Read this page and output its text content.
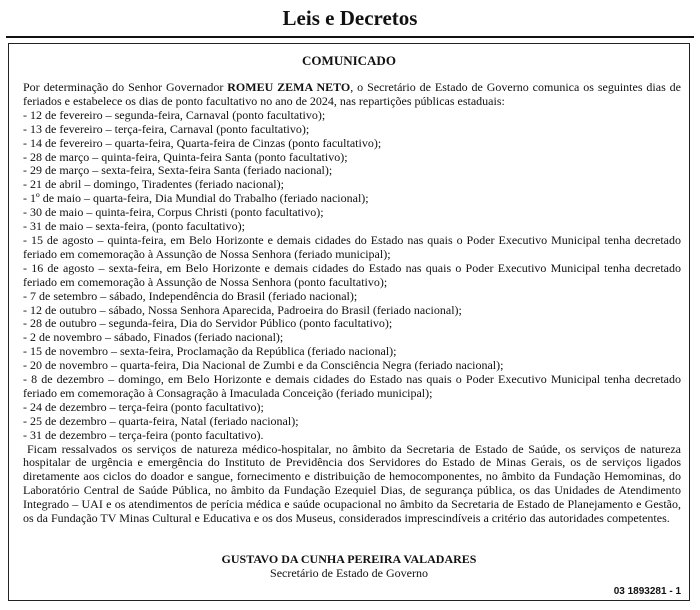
Leis e Decretos
COMUNICADO

Por determinação do Senhor Governador ROMEU ZEMA NETO, o Secretário de Estado de Governo comunica os seguintes dias de feriados e estabelece os dias de ponto facultativo no ano de 2024, nas repartições públicas estaduais:

- 12 de fevereiro – segunda-feira, Carnaval (ponto facultativo);
- 13 de fevereiro – terça-feira, Carnaval (ponto facultativo);
- 14 de fevereiro – quarta-feira, Quarta-feira de Cinzas (ponto facultativo);
- 28 de março – quinta-feira, Quinta-feira Santa (ponto facultativo);
- 29 de março – sexta-feira, Sexta-feira Santa (feriado nacional);
- 21 de abril – domingo, Tiradentes (feriado nacional);
- 1º de maio – quarta-feira, Dia Mundial do Trabalho (feriado nacional);
- 30 de maio – quinta-feira, Corpus Christi (ponto facultativo);
- 31 de maio – sexta-feira, (ponto facultativo);
- 15 de agosto – quinta-feira, em Belo Horizonte e demais cidades do Estado nas quais o Poder Executivo Municipal tenha decretado feriado em comemoração à Assunção de Nossa Senhora (feriado municipal);
- 16 de agosto – sexta-feira, em Belo Horizonte e demais cidades do Estado nas quais o Poder Executivo Municipal tenha decretado feriado em comemoração à Assunção de Nossa Senhora (ponto facultativo);
- 7 de setembro – sábado, Independência do Brasil (feriado nacional);
- 12 de outubro – sábado, Nossa Senhora Aparecida, Padroeira do Brasil (feriado nacional);
- 28 de outubro – segunda-feira, Dia do Servidor Público (ponto facultativo);
- 2 de novembro – sábado, Finados (feriado nacional);
- 15 de novembro – sexta-feira, Proclamação da República (feriado nacional);
- 20 de novembro – quarta-feira, Dia Nacional de Zumbi e da Consciência Negra (feriado nacional);
- 8 de dezembro – domingo, em Belo Horizonte e demais cidades do Estado nas quais o Poder Executivo Municipal tenha decretado feriado em comemoração à Consagração à Imaculada Conceição (feriado municipal);
- 24 de dezembro – terça-feira (ponto facultativo);
- 25 de dezembro – quarta-feira, Natal (feriado nacional);
- 31 de dezembro – terça-feira (ponto facultativo).

Ficam ressalvados os serviços de natureza médico-hospitalar, no âmbito da Secretaria de Estado de Saúde, os serviços de natureza hospitalar de urgência e emergência do Instituto de Previdência dos Servidores do Estado de Minas Gerais, os de serviços ligados diretamente aos ciclos do doador e sangue, fornecimento e distribuição de hemocomponentes, no âmbito da Fundação Hemominas, do Laboratório Central de Saúde Pública, no âmbito da Fundação Ezequiel Dias, de segurança pública, os das Unidades de Atendimento Integrado – UAI e os atendimentos de perícia médica e saúde ocupacional no âmbito da Secretaria de Estado de Planejamento e Gestão, os da Fundação TV Minas Cultural e Educativa e os dos Museus, considerados imprescindíveis a critério das autoridades competentes.

GUSTAVO DA CUNHA PEREIRA VALADARES
Secretário de Estado de Governo
03 1893281 - 1
